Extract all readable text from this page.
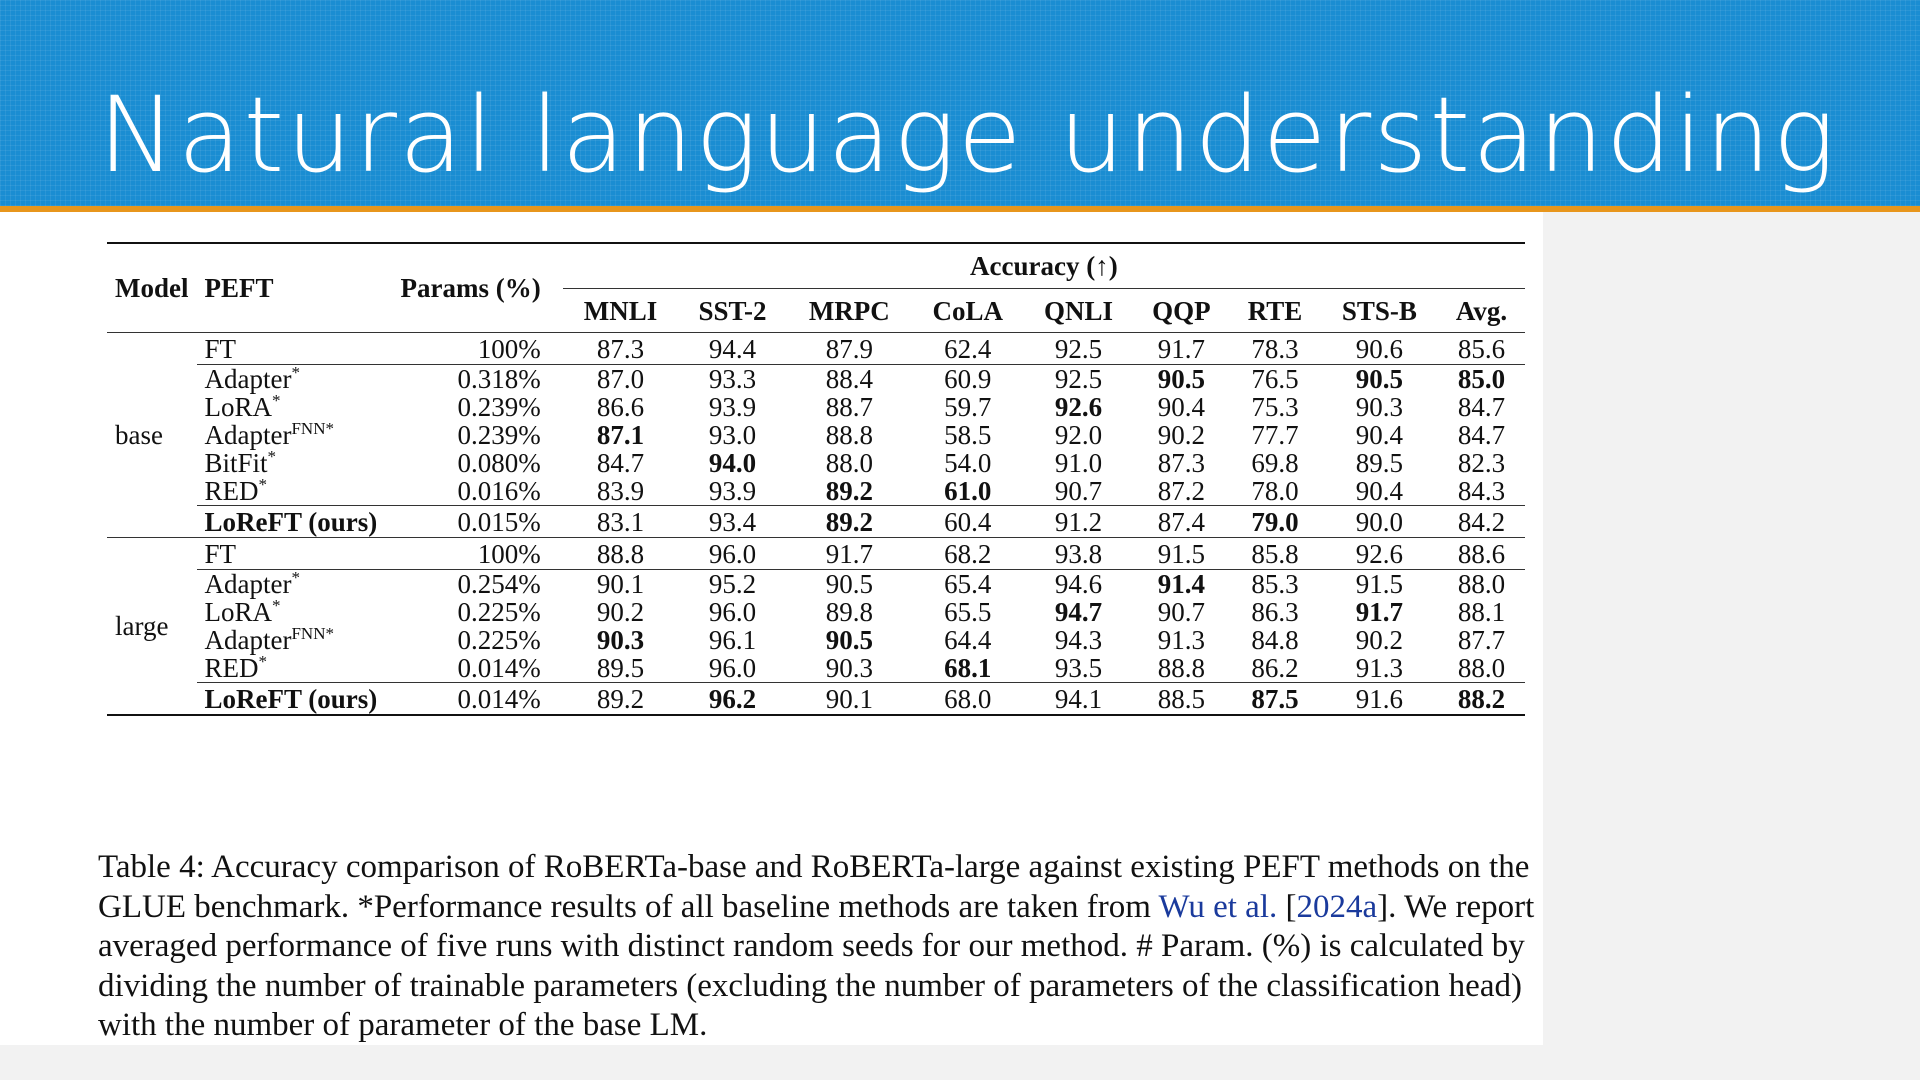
Natural language understanding
Model	PEFT	Params (%)	Accuracy (↑)								
			MNLI	SST-2	MRPC	CoLA	QNLI	QQP	RTE	STS-B	Avg.
base	FT	100%	87.3	94.4	87.9	62.4	92.5	91.7	78.3	90.6	85.6
	Adapter*	0.318%	87.0	93.3	88.4	60.9	92.5	90.5	76.5	90.5	85.0
	LoRA*	0.239%	86.6	93.9	88.7	59.7	92.6	90.4	75.3	90.3	84.7
	Adapter$^{FNN*}$	0.239%	87.1	93.0	88.8	58.5	92.0	90.2	77.7	90.4	84.7
	BitFit*	0.080%	84.7	94.0	88.0	54.0	91.0	87.3	69.8	89.5	82.3
	RED*	0.016%	83.9	93.9	89.2	61.0	90.7	87.2	78.0	90.4	84.3
	LoReFT (ours)	0.015%	83.1	93.4	89.2	60.4	91.2	87.4	79.0	90.0	84.2
large	FT	100%	88.8	96.0	91.7	68.2	93.8	91.5	85.8	92.6	88.6
	Adapter*	0.254%	90.1	95.2	90.5	65.4	94.6	91.4	85.3	91.5	88.0
	LoRA*	0.225%	90.2	96.0	89.8	65.5	94.7	90.7	86.3	91.7	88.1
	Adapter$^{FNN*}$	0.225%	90.3	96.1	90.5	64.4	94.3	91.3	84.8	90.2	87.7
	RED*	0.014%	89.5	96.0	90.3	68.1	93.5	88.8	86.2	91.3	88.0
	LoReFT (ours)	0.014%	89.2	96.2	90.1	68.0	94.1	88.5	87.5	91.6	88.2

Table 4: Accuracy comparison of RoBERTa-base and RoBERTa-large against existing PEFT methods on the GLUE benchmark. *Performance results of all baseline methods are taken from Wu et al. [2024a]. We report averaged performance of five runs with distinct random seeds for our method. # Param. (%) is calculated by dividing the number of trainable parameters (excluding the number of parameters of the classification head) with the number of parameter of the base LM.
